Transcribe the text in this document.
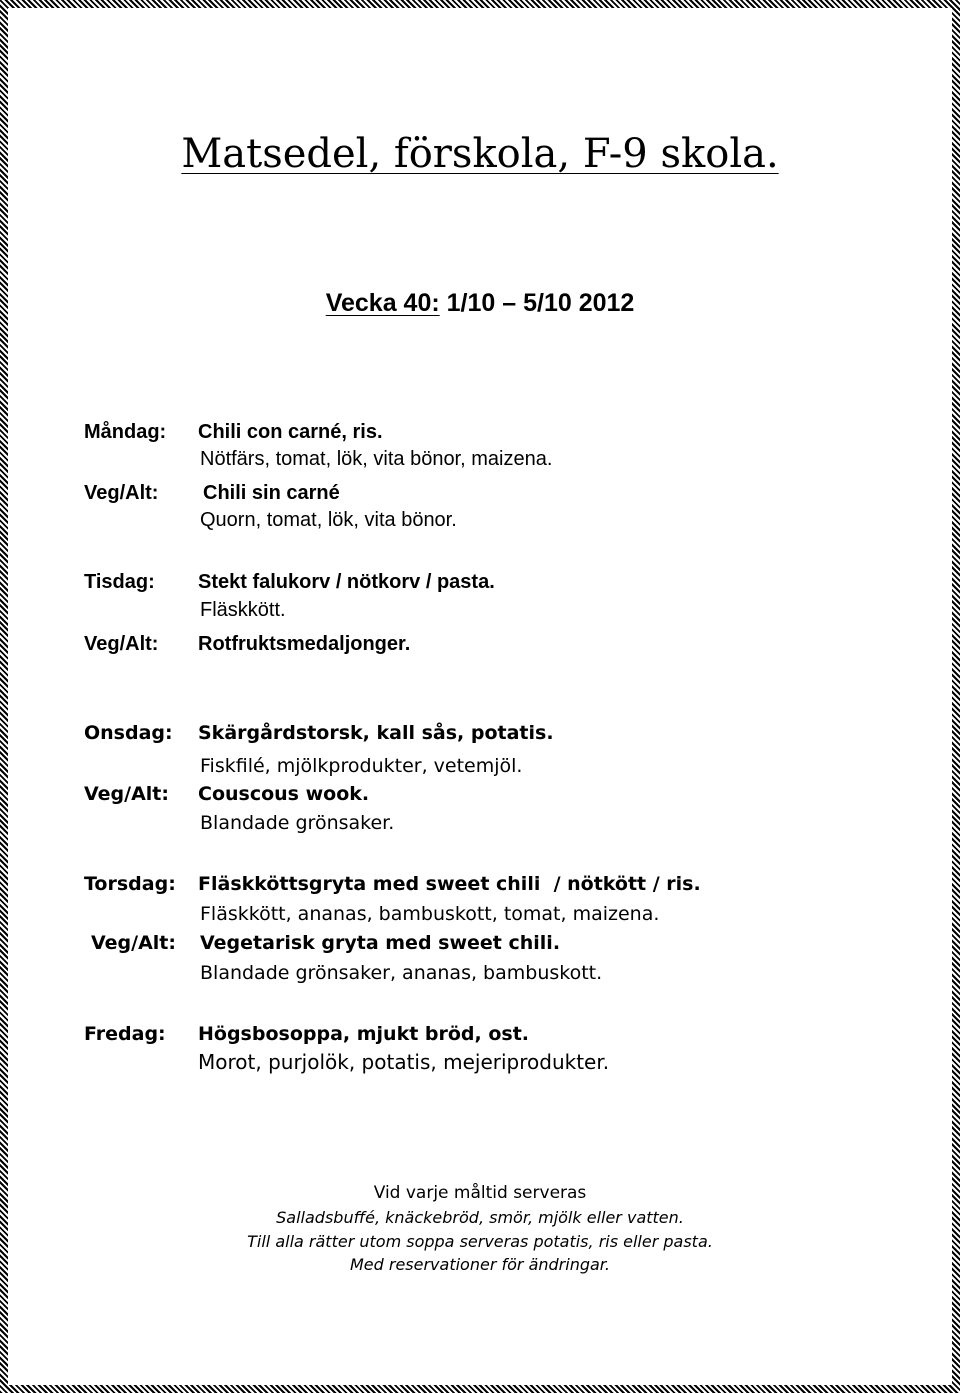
Matsedel, förskola, F-9 skola.
Vecka 40: 1/10 – 5/10 2012
Måndag: Chili con carné, ris.
Nötfärs, tomat, lök, vita bönor, maizena.
Veg/Alt: Chili sin carné
Quorn, tomat, lök, vita bönor.
Tisdag: Stekt falukorv / nötkorv / pasta.
Fläskkött.
Veg/Alt: Rotfruktsmedaljonger.
Onsdag: Skärgårdstorsk, kall sås, potatis.
Fiskfilé, mjölkprodukter, vetemjöl.
Veg/Alt: Couscous wook.
Blandade grönsaker.
Torsdag: Fläskköttsgryta med sweet chili  / nötkött / ris.
Fläskkött, ananas, bambuskott, tomat, maizena.
Veg/Alt: Vegetarisk gryta med sweet chili.
Blandade grönsaker, ananas, bambuskott.
Fredag: Högsbosoppa, mjukt bröd, ost.
Morot, purjolök, potatis, mejeriprodukter.
Vid varje måltid serveras
Salladsbuffé, knäckebröd, smör, mjölk eller vatten.
Till alla rätter utom soppa serveras potatis, ris eller pasta.
Med reservationer för ändringar.
